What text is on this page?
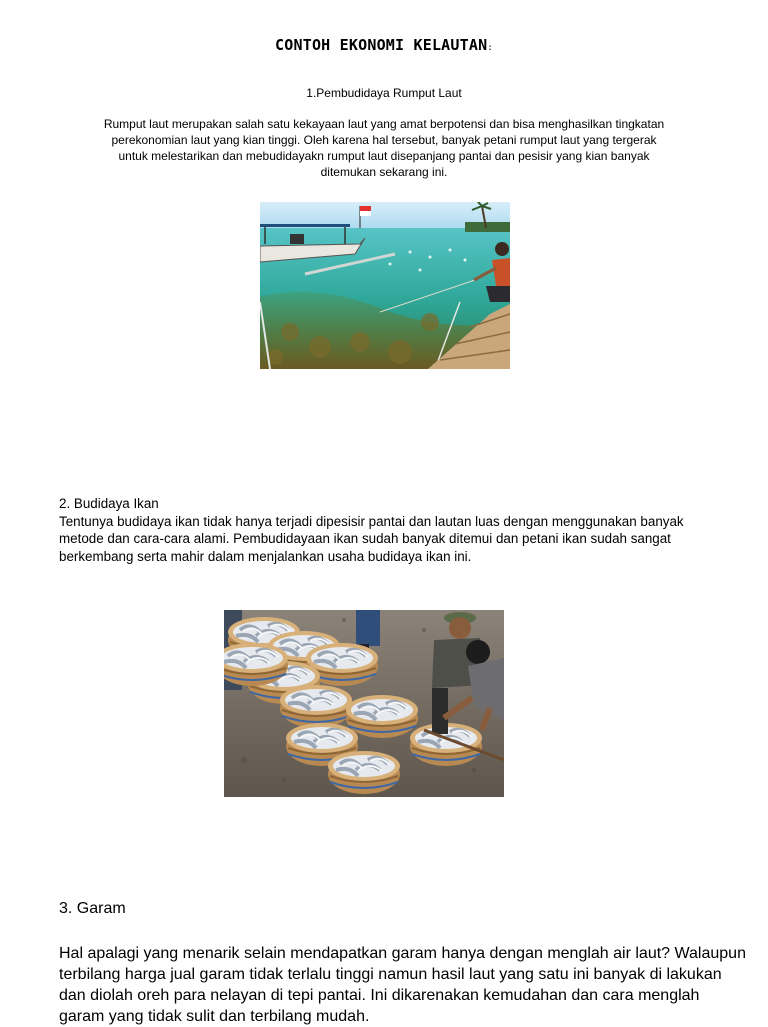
CONTOH EKONOMI KELAUTAN:
1.Pembudidaya Rumput Laut

Rumput laut merupakan salah satu kekayaan laut yang amat berpotensi dan bisa menghasilkan tingkatan perekonomian laut yang kian tinggi. Oleh karena hal tersebut, banyak petani rumput laut yang tergerak untuk melestarikan dan mebudidayakn rumput laut disepanjang pantai dan pesisir yang kian banyak ditemukan sekarang ini.

2. Budidaya Ikan

Tentunya budidaya ikan tidak hanya terjadi dipesisir pantai dan lautan luas dengan menggunakan banyak metode dan cara-cara alami. Pembudidayaan ikan sudah banyak ditemui dan petani ikan sudah sangat berkembang serta mahir dalam menjalankan usaha budidaya ikan ini.

3. Garam

Hal apalagi yang menarik selain mendapatkan garam hanya dengan menglah air laut? Walaupun terbilang harga jual garam tidak terlalu tinggi namun hasil laut yang satu ini banyak di lakukan dan diolah oreh para nelayan di tepi pantai. Ini dikarenakan kemudahan dan cara menglah garam yang tidak sulit dan terbilang mudah.
